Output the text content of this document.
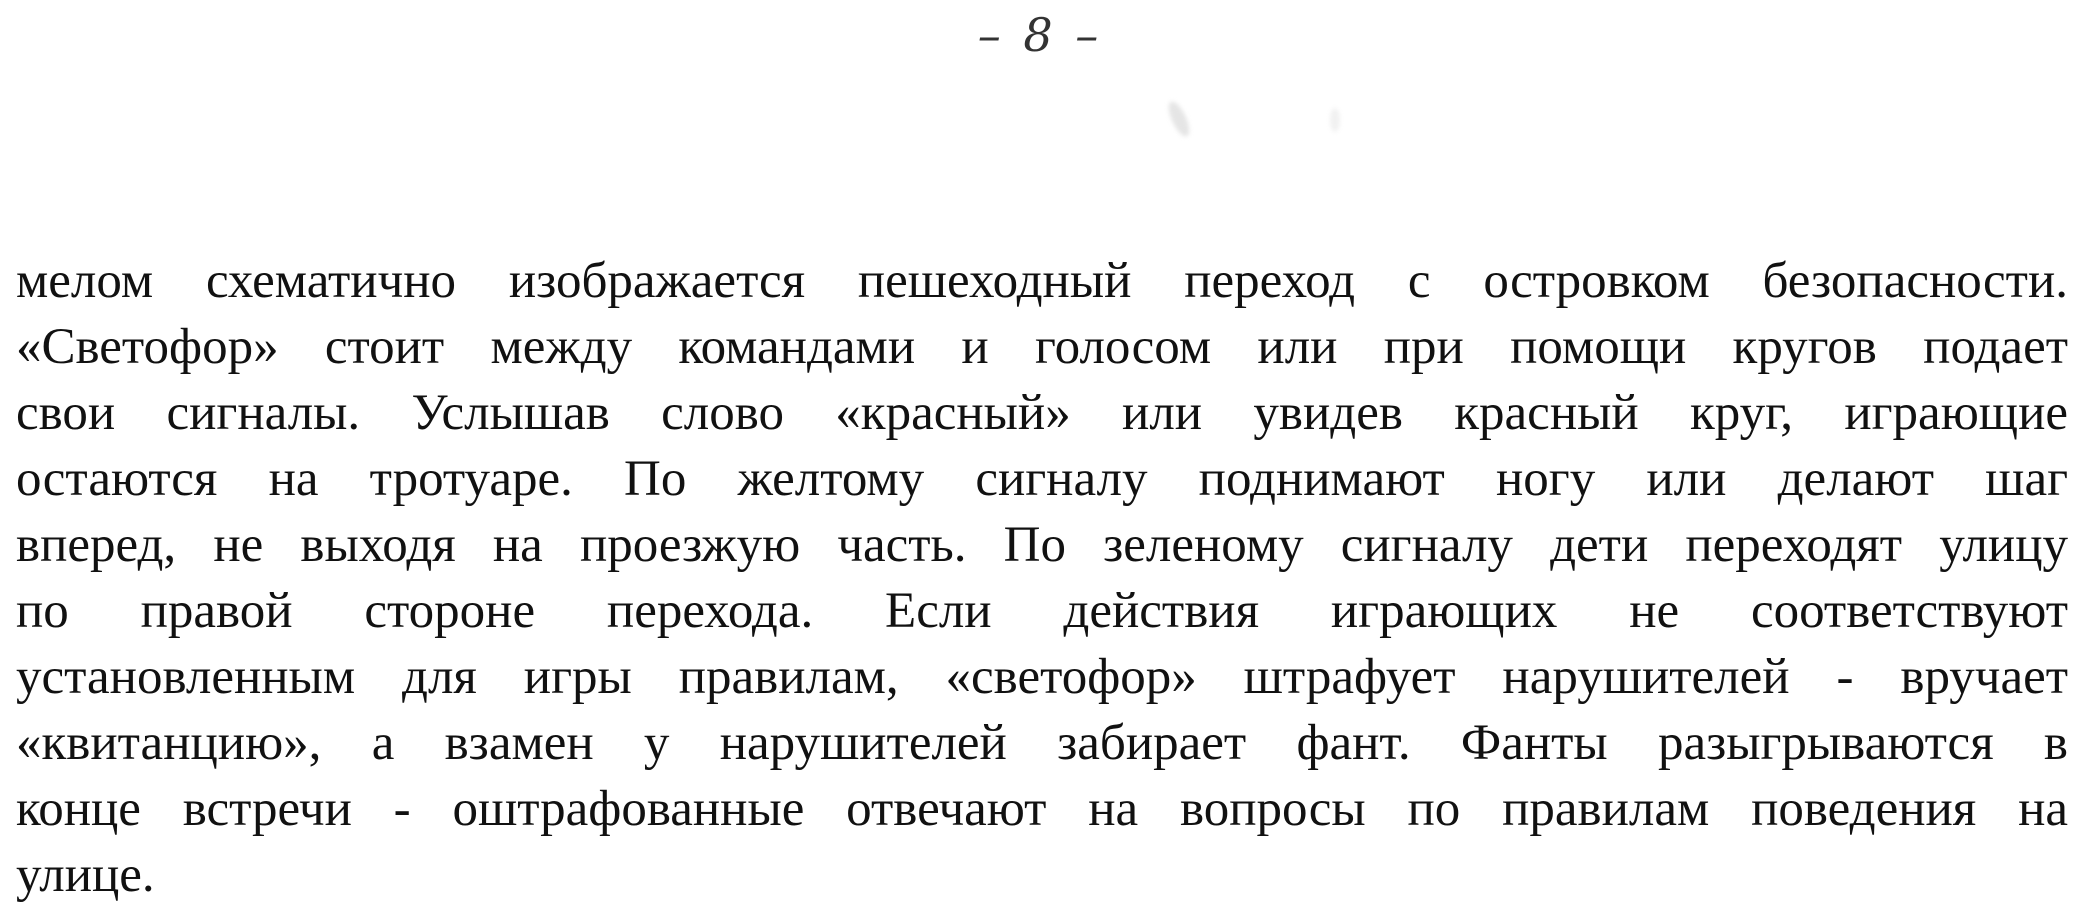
– 8 –
мелом схематично изображается пешеходный переход с островком безопасности.
«Светофор» стоит между командами и голосом или при помощи кругов подает
свои сигналы. Услышав слово «красный» или увидев красный круг, играющие
остаются на тротуаре. По желтому сигналу поднимают ногу или делают шаг
вперед, не выходя на проезжую часть. По зеленому сигналу дети переходят улицу
по правой стороне перехода. Если действия играющих не соответствуют
установленным для игры правилам, «светофор» штрафует нарушителей - вручает
«квитанцию», а взамен у нарушителей забирает фант. Фанты разыгрываются в
конце встречи - оштрафованные отвечают на вопросы по правилам поведения на
улице.
